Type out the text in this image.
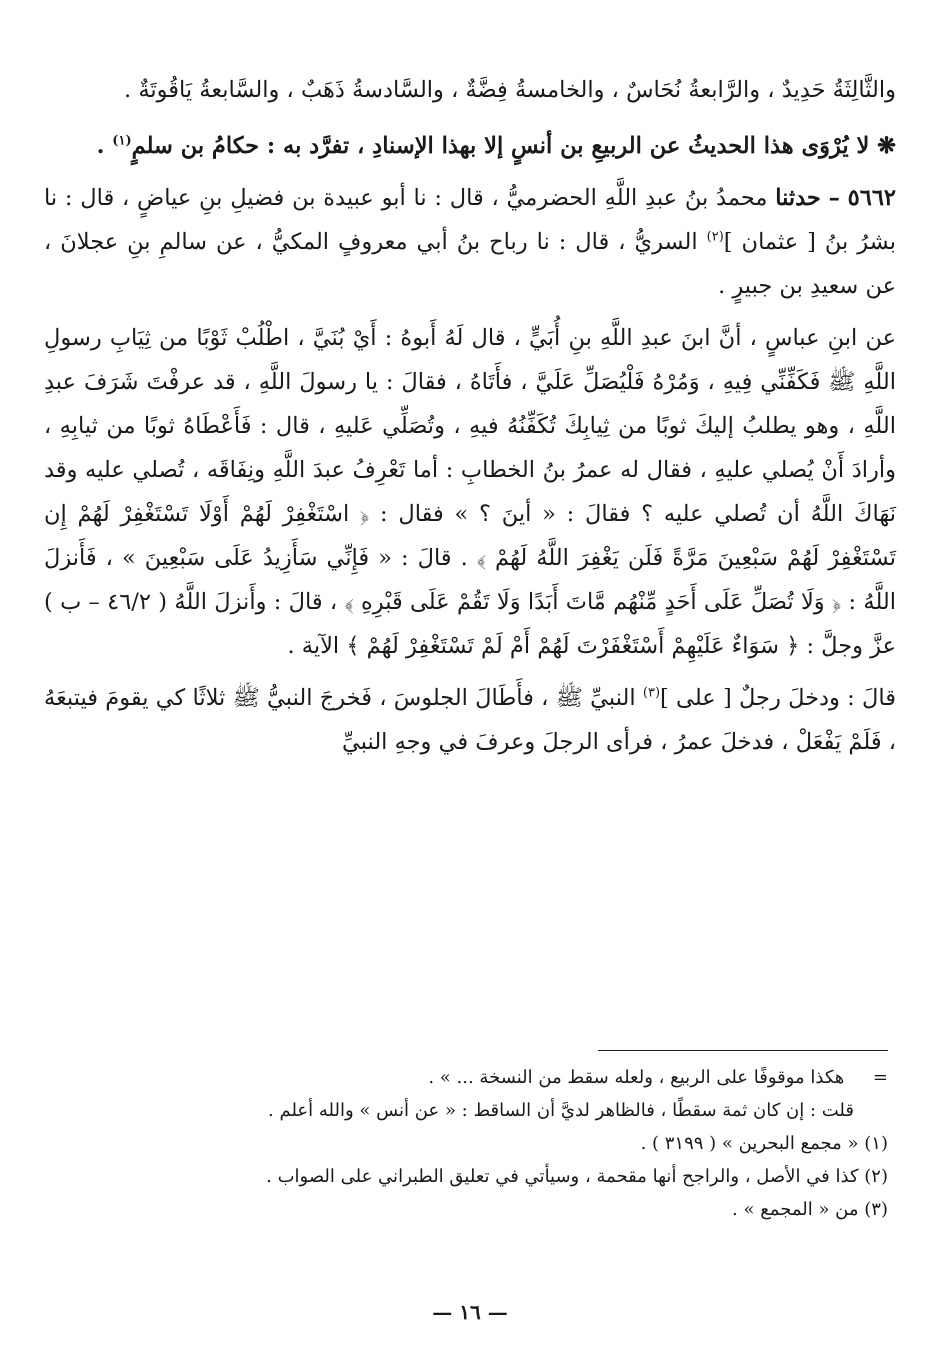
والثَّالِثَةُ حَدِيدٌ ، والرَّابعةُ نُحَاسٌ ، والخامسةُ فِضَّةٌ ، والسَّادسةُ ذَهَبٌ ، والسَّابعةُ يَاقُوتَةٌ .

❋ لا يُرْوَى هذا الحديثُ عن الربيعِ بن أنسٍ إلا بهذا الإسنادِ ، تفرَّد به : حكامُ بن سلمٍ$^{(١)}$ .

٥٦٦٢ – حدثنا محمدُ بنُ عبدِ اللَّهِ الحضرميُّ ، قال : نا أبو عبيدة بن فضيلِ بنِ عياضٍ ، قال : نا بشرُ بنُ [ عثمان ]$^{(٢)}$ السريُّ ، قال : نا رباح بنُ أبي معروفٍ المكيُّ ، عن سالمِ بنِ عجلانَ ، عن سعيدِ بن جبيرٍ .

عن ابنِ عباسٍ ، أنَّ ابنَ عبدِ اللَّهِ بنِ أُبَيٍّ ، قال لَهُ أَبوهُ : أَيْ بُنَيَّ ، اطْلُبْ ثَوْبًا من ثِيَابِ رسولِ اللَّهِ ﷺ فَكَفِّنِّي فِيهِ ، وَمُرْهُ فَلْيُصَلِّ عَلَيَّ ، فأَتَاهُ ، فقالَ : يا رسولَ اللَّهِ ، قد عرفْتَ شَرَفَ عبدِ اللَّهِ ، وهو يطلبُ إليكَ ثوبًا من ثِيابِكَ تُكَفِّنُهُ فيهِ ، وتُصَلِّي عَليهِ ، قال : فَأَعْطَاهُ ثوبًا من ثيابِهِ ، وأرادَ أَنْ يُصلي عليهِ ، فقال له عمرُ بنُ الخطابِ : أما تَعْرِفُ عبدَ اللَّهِ ونِفَاقَه ، تُصلي عليه وقد نَهَاكَ اللَّهُ أن تُصلي عليه ؟ فقالَ : « أينَ ؟ » فقال : ﴿ اسْتَغْفِرْ لَهُمْ أَوْلَا تَسْتَغْفِرْ لَهُمْ إِن تَسْتَغْفِرْ لَهُمْ سَبْعِينَ مَرَّةً فَلَن يَغْفِرَ اللَّهُ لَهُمْ ﴾ . قالَ : « فَإِنِّي سَأَزِيدُ عَلَى سَبْعِينَ » ، فَأَنزلَ اللَّهُ : ﴿ وَلَا تُصَلِّ عَلَى أَحَدٍ مِّنْهُم مَّاتَ أَبَدًا وَلَا تَقُمْ عَلَى قَبْرِهِ ﴾ ، قالَ : وأَنزلَ اللَّهُ ( ٤٦/٢ – ب ) عزَّ وجلَّ : ﴿ سَوَاءٌ عَلَيْهِمْ أَسْتَغْفَرْتَ لَهُمْ أَمْ لَمْ تَسْتَغْفِرْ لَهُمْ ﴾ الآية .

قالَ : ودخلَ رجلٌ [ على ]$^{(٣)}$ النبيِّ ﷺ ، فأَطَالَ الجلوسَ ، فَخرجَ النبيُّ ﷺ ثلاثًا كي يقومَ فيتبعَهُ ، فَلَمْ يَفْعَلْ ، فدخلَ عمرُ ، فرأى الرجلَ وعرفَ في وجهِ النبيِّ

=     هكذا موقوفًا على الربيع ، ولعله سقط من النسخة ... » .

قلت : إن كان ثمة سقطًا ، فالظاهر لديَّ أن الساقط : « عن أنس » والله أعلم .

(١) « مجمع البحرين » ( ٣١٩٩ ) .

(٢) كذا في الأصل ، والراجح أنها مقحمة ، وسيأتي في تعليق الطبراني على الصواب .

(٣) من « المجمع » .

— ١٦ —
